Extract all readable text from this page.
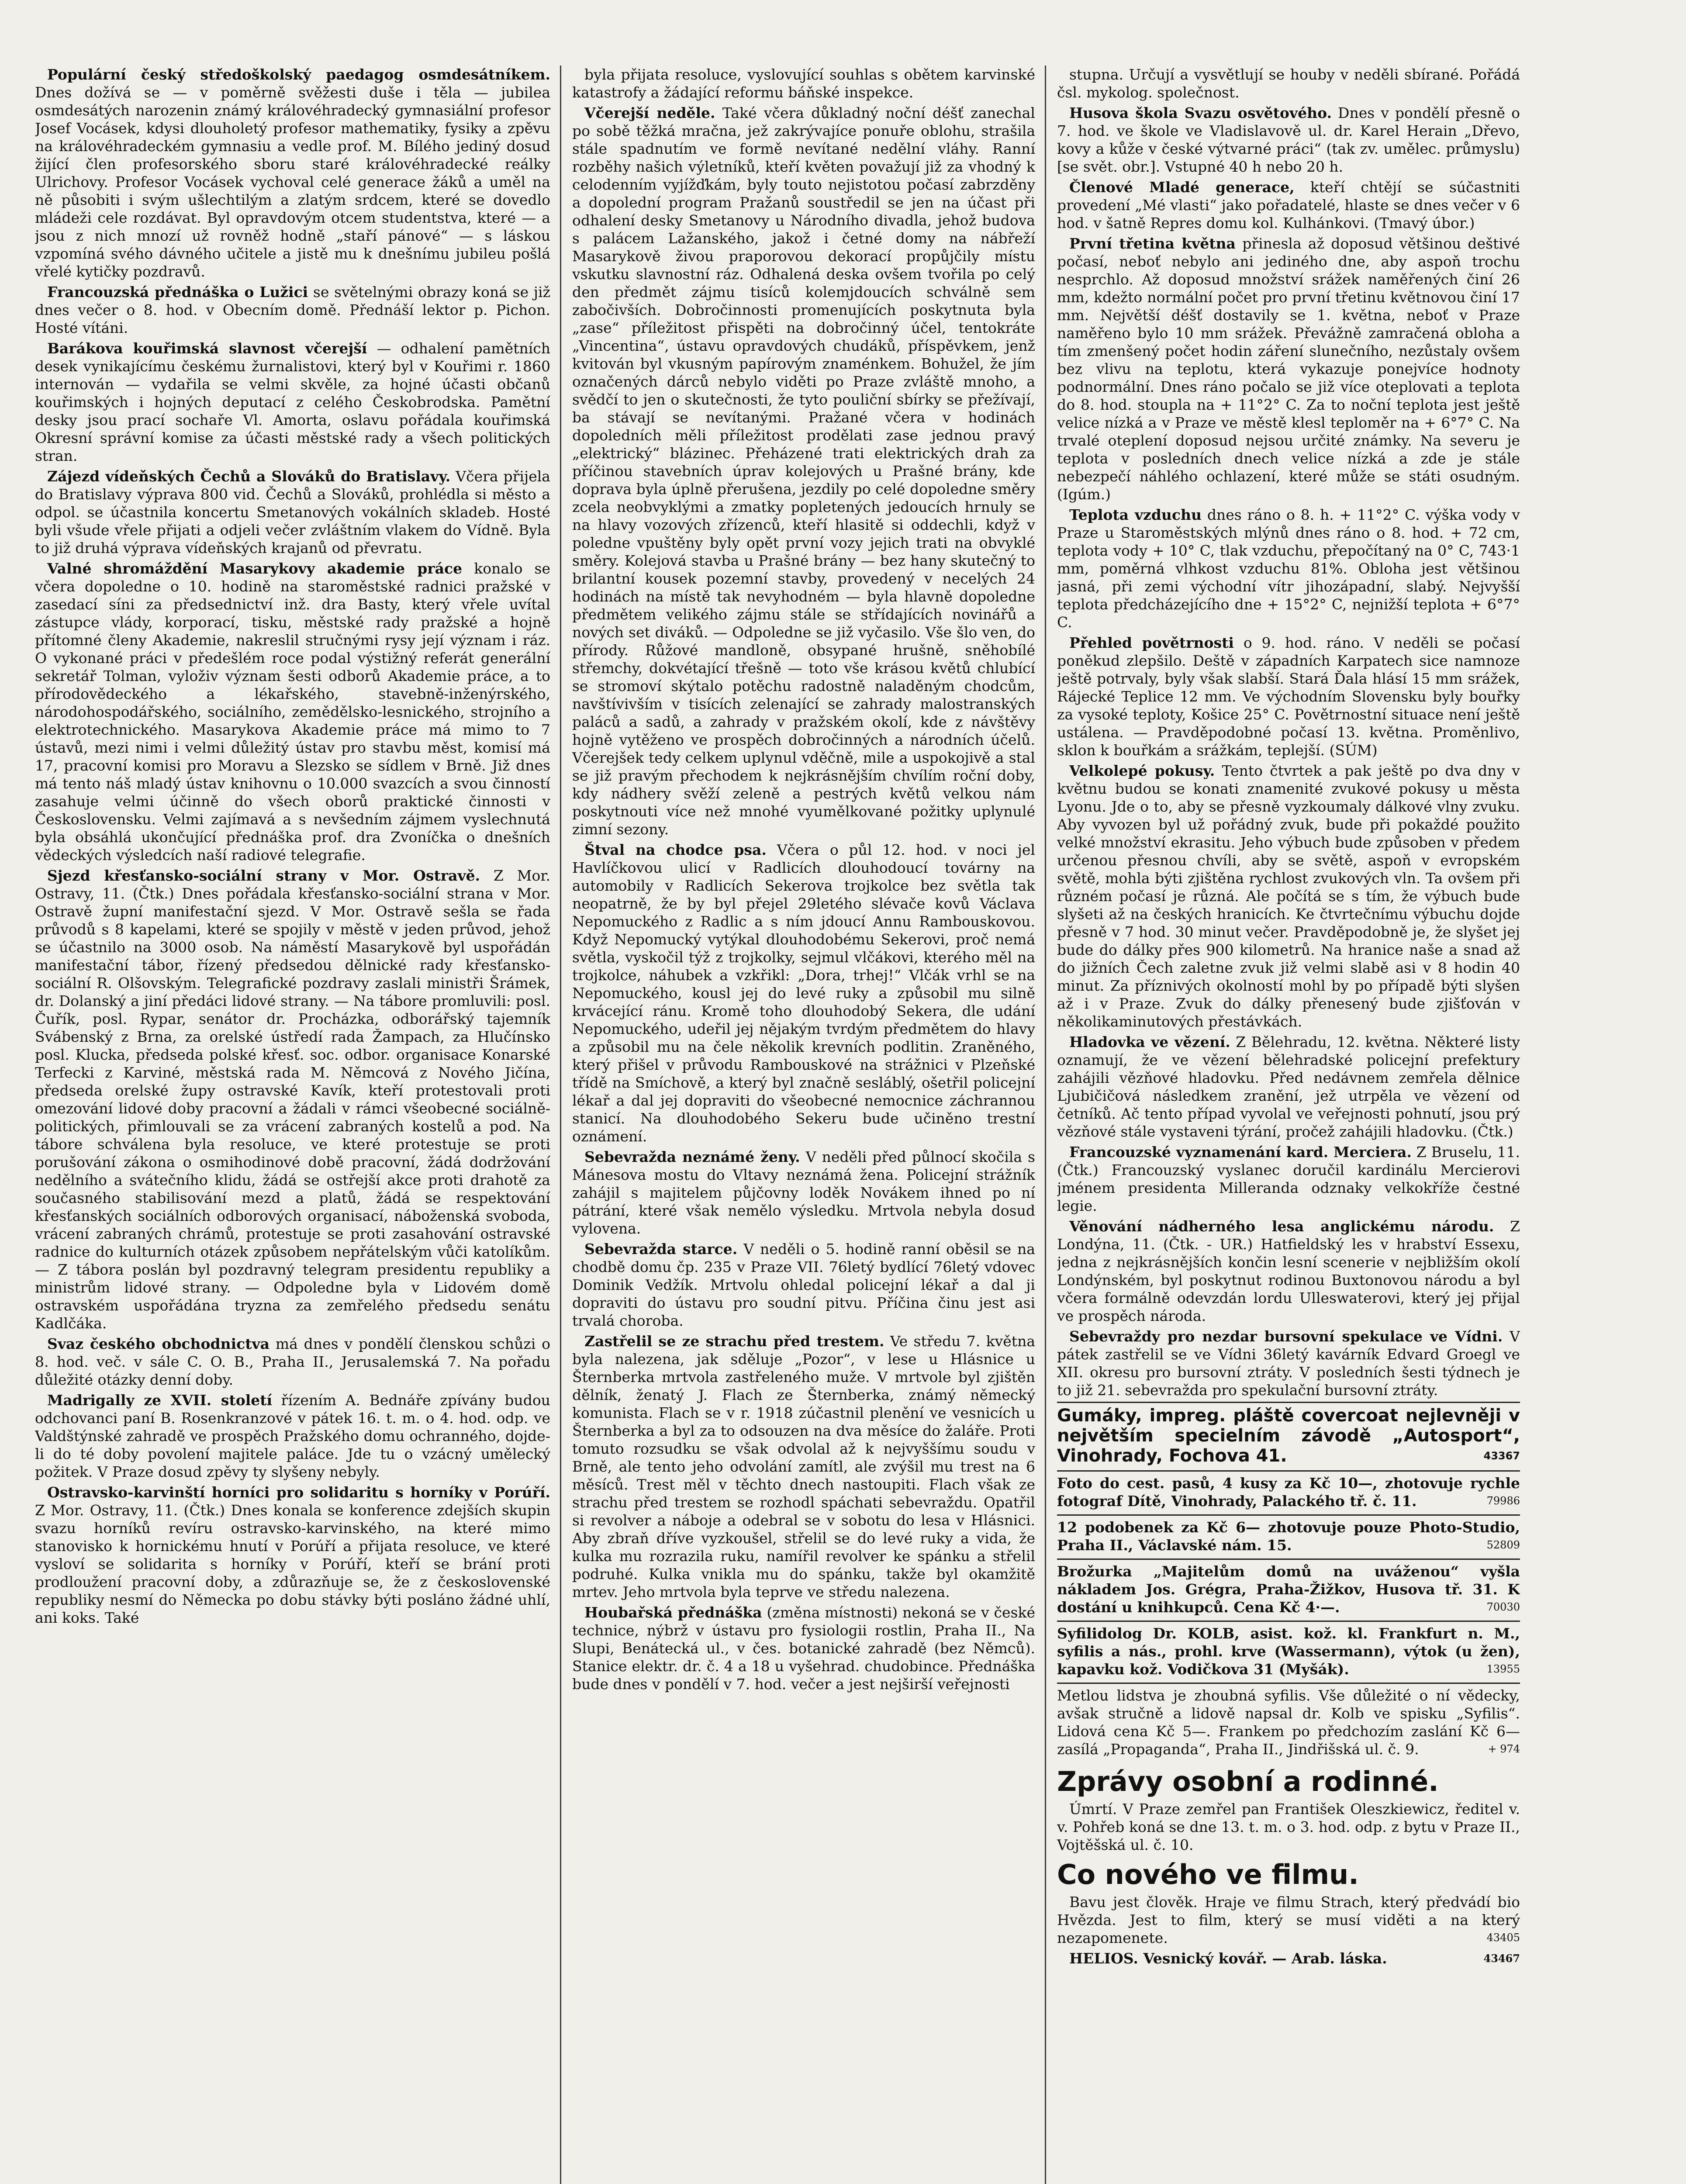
Populární český středoškolský paedagog osmdesátníkem. Dnes dožívá se — v poměrně svěžesti duše i těla — jubilea osmdesátých narozenin známý královéhradecký gymnasiální profesor Josef Vocásek, kdysi dlouholetý profesor mathematiky, fysiky a zpěvu na královéhradeckém gymnasiu a vedle prof. M. Bílého jediný dosud žijící člen profesorského sboru staré královéhradecké reálky Ulrichovy. Profesor Vocásek vychoval celé generace žáků a uměl na ně působiti i svým ušlechtilým a zlatým srdcem, které se dovedlo mládeži cele rozdávat. Byl opravdovým otcem studentstva, které — a jsou z nich mnozí už rovněž hodně „staří pánové“ — s láskou vzpomíná svého dávného učitele a jistě mu k dnešnímu jubileu pošlá vřelé kytičky pozdravů.

Francouzská přednáška o Lužici se světelnými obrazy koná se již dnes večer o 8. hod. v Obecním domě. Přednáší lektor p. Pichon. Hosté vítáni.

Barákova kouřimská slavnost včerejší — odhalení pamětních desek vynikajícímu českému žurnalistovi, který byl v Kouřimi r. 1860 internován — vydařila se velmi skvěle, za hojné účasti občanů kouřimských i hojných deputací z celého Českobrodska. Pamětní desky jsou prací sochaře Vl. Amorta, oslavu pořádala kouřimská Okresní správní komise za účasti městské rady a všech politických stran.

Zájezd vídeňských Čechů a Slováků do Bratislavy. Včera přijela do Bratislavy výprava 800 vid. Čechů a Slováků, prohlédla si město a odpol. se účastnila koncertu Smetanových vokálních skladeb. Hosté byli všude vřele přijati a odjeli večer zvláštním vlakem do Vídně. Byla to již druhá výprava vídeňských krajanů od převratu.

Valné shromáždění Masarykovy akademie práce konalo se včera dopoledne o 10. hodině na staroměstské radnici pražské v zasedací síni za předsednictví inž. dra Basty, který vřele uvítal zástupce vlády, korporací, tisku, městské rady pražské a hojně přítomné členy Akademie, nakreslil stručnými rysy její význam i ráz. O vykonané práci v předešlém roce podal výstižný referát generální sekretář Tolman, vyloživ význam šesti odborů Akademie práce, a to přírodovědeckého a lékařského, stavebně-inženýrského, národohospodářského, sociálního, zemědělsko-lesnického, strojního a elektrotechnického. Masarykova Akademie práce má mimo to 7 ústavů, mezi nimi i velmi důležitý ústav pro stavbu měst, komisí má 17, pracovní komisi pro Moravu a Slezsko se sídlem v Brně. Již dnes má tento náš mladý ústav knihovnu o 10.000 svazcích a svou činností zasahuje velmi účinně do všech oborů praktické činnosti v Československu. Velmi zajímavá a s nevšedním zájmem vyslechnutá byla obsáhlá ukončující přednáška prof. dra Zvoníčka o dnešních vědeckých výsledcích naší radiové telegrafie.

Sjezd křesťansko-sociální strany v Mor. Ostravě. Z Mor. Ostravy, 11. (Čtk.) Dnes pořádala křesťansko-sociální strana v Mor. Ostravě župní manifestační sjezd. V Mor. Ostravě sešla se řada průvodů s 8 kapelami, které se spojily v městě v jeden průvod, jehož se účastnilo na 3000 osob. Na náměstí Masarykově byl uspořádán manifestační tábor, řízený předsedou dělnické rady křesťansko-sociální R. Olšovským. Telegrafické pozdravy zaslali ministři Šrámek, dr. Dolanský a jiní předáci lidové strany. — Na tábore promluvili: posl. Čuřík, posl. Rypar, senátor dr. Procházka, odborářský tajemník Svábenský z Brna, za orelské ústředí rada Žampach, za Hlučínsko posl. Klucka, předseda polské křesť. soc. odbor. organisace Konarské Terfecki z Karviné, městská rada M. Němcová z Nového Jičína, předseda orelské župy ostravské Kavík, kteří protestovali proti omezování lidové doby pracovní a žádali v rámci všeobecné sociálně-politických, přimlouvali se za vrácení zabraných kostelů a pod. Na tábore schválena byla resoluce, ve které protestuje se proti porušování zákona o osmihodinové době pracovní, žádá dodržování nedělního a svátečního klidu, žádá se ostřejší akce proti drahotě za současného stabilisování mezd a platů, žádá se respektování křesťanských sociálních odborových organisací, náboženská svoboda, vrácení zabraných chrámů, protestuje se proti zasahování ostravské radnice do kulturních otázek způsobem nepřátelským vůči katolíkům. — Z tábora poslán byl pozdravný telegram presidentu republiky a ministrům lidové strany. — Odpoledne byla v Lidovém domě ostravském uspořádána tryzna za zemřelého předsedu senátu Kadlčáka.

Svaz českého obchodnictva má dnes v pondělí členskou schůzi o 8. hod. več. v sále C. O. B., Praha II., Jerusalemská 7. Na pořadu důležité otázky denní doby.

Madrigally ze XVII. století řízením A. Bednáře zpívány budou odchovanci paní B. Rosenkranzové v pátek 16. t. m. o 4. hod. odp. ve Valdštýnské zahradě ve prospěch Pražského domu ochranného, dojde-li do té doby povolení majitele paláce. Jde tu o vzácný umělecký požitek. V Praze dosud zpěvy ty slyšeny nebyly.

Ostravsko-karvinští horníci pro solidaritu s horníky v Porúří. Z Mor. Ostravy, 11. (Čtk.) Dnes konala se konference zdejších skupin svazu horníků revíru ostravsko-karvinského, na které mimo stanovisko k hornickému hnutí v Porúří a přijata resoluce, ve které vysloví se solidarita s horníky v Porúří, kteří se brání proti prodloužení pracovní doby, a zdůrazňuje se, že z československé republiky nesmí do Německa po dobu stávky býti posláno žádné uhlí, ani koks. Také

byla přijata resoluce, vyslovující souhlas s obětem karvinské katastrofy a žádající reformu báňské inspekce.

Včerejší neděle. Také včera důkladný noční déšť zanechal po sobě těžká mračna, jež zakrývajíce ponuře oblohu, strašila stále spadnutím ve formě nevítané nedělní vláhy. Ranní rozběhy našich výletníků, kteří květen považují již za vhodný k celodenním vyjížďkám, byly touto nejistotou počasí zabrzděny a dopolední program Pražanů soustředil se jen na účast při odhalení desky Smetanovy u Národního divadla, jehož budova s palácem Lažanského, jakož i četné domy na nábřeží Masarykově živou praporovou dekorací propůjčily místu vskutku slavnostní ráz. Odhalená deska ovšem tvořila po celý den předmět zájmu tisíců kolemjdoucích schválně sem zabočivších. Dobročinnosti promenujících poskytnuta byla „zase“ příležitost přispěti na dobročinný účel, tentokráte „Vincentina“, ústavu opravdových chudáků, příspěvkem, jenž kvitován byl vkusným papírovým znaménkem. Bohužel, že jím označených dárců nebylo viděti po Praze zvláště mnoho, a svědčí to jen o skutečnosti, že tyto pouliční sbírky se přežívají, ba stávají se nevítanými. Pražané včera v hodinách dopoledních měli příležitost prodělati zase jednou pravý „elektrický“ blázinec. Přeházené trati elektrických drah za příčinou stavebních úprav kolejových u Prašné brány, kde doprava byla úplně přerušena, jezdily po celé dopoledne směry zcela neobvyklými a zmatky popletených jedoucích hrnuly se na hlavy vozových zřízenců, kteří hlasitě si oddechli, když v poledne vpuštěny byly opět první vozy jejich trati na obvyklé směry. Kolejová stavba u Prašné brány — bez hany skutečný to brilantní kousek pozemní stavby, provedený v necelých 24 hodinách na místě tak nevyhodném — byla hlavně dopoledne předmětem velikého zájmu stále se střídajících novinářů a nových set diváků. — Odpoledne se již vyčasilo. Vše šlo ven, do přírody. Růžové mandloně, obsypané hrušně, sněhobílé střemchy, dokvétající třešně — toto vše krásou květů chlubící se stromoví skýtalo potěchu radostně naladěným chodcům, navštívivším v tisících zelenající se zahrady malostranských paláců a sadů, a zahrady v pražském okolí, kde z návštěvy hojně vytěženo ve prospěch dobročinných a národních účelů. Včerejšek tedy celkem uplynul vděčně, mile a uspokojivě a stal se již pravým přechodem k nejkrásnějším chvílím roční doby, kdy nádhery svěží zeleně a pestrých květů velkou nám poskytnouti více než mnohé vyumělkované požitky uplynulé zimní sezony.

Štval na chodce psa. Včera o půl 12. hod. v noci jel Havlíčkovou ulicí v Radlicích dlouhodoucí továrny na automobily v Radlicích Sekerova trojkolce bez světla tak neopatrně, že by byl přejel 29letého slévače kovů Václava Nepomuckého z Radlic a s ním jdoucí Annu Rambouskovou. Když Nepomucký vytýkal dlouhodobému Sekerovi, proč nemá světla, vyskočil týž z trojkolky, sejmul vlčákovi, kterého měl na trojkolce, náhubek a vzkřikl: „Dora, trhej!“ Vlčák vrhl se na Nepomuckého, kousl jej do levé ruky a způsobil mu silně krvácející ránu. Kromě toho dlouhodobý Sekera, dle udání Nepomuckého, udeřil jej nějakým tvrdým předmětem do hlavy a způsobil mu na čele několik krevních podlitin. Zraněného, který přišel v průvodu Rambouskové na strážnici v Plzeňské třídě na Smíchově, a který byl značně sesláblý, ošetřil policejní lékař a dal jej dopraviti do všeobecné nemocnice záchrannou stanicí. Na dlouhodobého Sekeru bude učiněno trestní oznámení.

Sebevražda neznámé ženy. V neděli před půlnocí skočila s Mánesova mostu do Vltavy neznámá žena. Policejní strážník zahájil s majitelem půjčovny loděk Novákem ihned po ní pátrání, které však nemělo výsledku. Mrtvola nebyla dosud vylovena.

Sebevražda starce. V neděli o 5. hodině ranní oběsil se na chodbě domu čp. 235 v Praze VII. 76letý bydlící 76letý vdovec Dominik Vedžík. Mrtvolu ohledal policejní lékař a dal ji dopraviti do ústavu pro soudní pitvu. Příčina činu jest asi trvalá choroba.

Zastřelil se ze strachu před trestem. Ve středu 7. května byla nalezena, jak sděluje „Pozor“, v lese u Hlásnice u Šternberka mrtvola zastřeleného muže. V mrtvole byl zjištěn dělník, ženatý J. Flach ze Šternberka, známý německý komunista. Flach se v r. 1918 zúčastnil plenění ve vesnicích u Šternberka a byl za to odsouzen na dva měsíce do žaláře. Proti tomuto rozsudku se však odvolal až k nejvyššímu soudu v Brně, ale tento jeho odvolání zamítl, ale zvýšil mu trest na 6 měsíců. Trest měl v těchto dnech nastoupiti. Flach však ze strachu před trestem se rozhodl spáchati sebevraždu. Opatřil si revolver a náboje a odebral se v sobotu do lesa v Hlásnici. Aby zbraň dříve vyzkoušel, střelil se do levé ruky a vida, že kulka mu rozrazila ruku, namířil revolver ke spánku a střelil podruhé. Kulka vnikla mu do spánku, takže byl okamžitě mrtev. Jeho mrtvola byla teprve ve středu nalezena.

Houbařská přednáška (změna místnosti) nekoná se v české technice, nýbrž v ústavu pro fysiologii rostlin, Praha II., Na Slupi, Benátecká ul., v čes. botanické zahradě (bez Němců). Stanice elektr. dr. č. 4 a 18 u vyšehrad. chudobince. Přednáška bude dnes v pondělí v 7. hod. večer a jest nejširší veřejnosti

stupna. Určují a vysvětlují se houby v neděli sbírané. Pořádá čsl. mykolog. společnost.

Husova škola Svazu osvětového. Dnes v pondělí přesně o 7. hod. ve škole ve Vladislavově ul. dr. Karel Herain „Dřevo, kovy a kůže v české výtvarné práci“ (tak zv. umělec. průmyslu) [se svět. obr.]. Vstupné 40 h nebo 20 h.

Členové Mladé generace, kteří chtějí se súčastniti provedení „Mé vlasti“ jako pořadatelé, hlaste se dnes večer v 6 hod. v šatně Repres domu kol. Kulhánkovi. (Tmavý úbor.)

První třetina května přinesla až doposud většinou deštivé počasí, neboť nebylo ani jediného dne, aby aspoň trochu nesprchlo. Až doposud množství srážek naměřených činí 26 mm, kdežto normální počet pro první třetinu květnovou činí 17 mm. Největší déšť dostavily se 1. května, neboť v Praze naměřeno bylo 10 mm srážek. Převážně zamračená obloha a tím zmenšený počet hodin záření slunečního, nezůstaly ovšem bez vlivu na teplotu, která vykazuje ponejvíce hodnoty podnormální. Dnes ráno počalo se již více oteplovati a teplota do 8. hod. stoupla na + 11°2° C. Za to noční teplota jest ještě velice nízká a v Praze ve městě klesl teploměr na + 6°7° C. Na trvalé oteplení doposud nejsou určité známky. Na severu je teplota v posledních dnech velice nízká a zde je stále nebezpečí náhlého ochlazení, které může se státi osudným. (Igúm.)

Teplota vzduchu dnes ráno o 8. h. + 11°2° C. výška vody v Praze u Staroměstských mlýnů dnes ráno o 8. hod. + 72 cm, teplota vody + 10° C, tlak vzduchu, přepočítaný na 0° C, 743·1 mm, poměrná vlhkost vzduchu 81%. Obloha jest většinou jasná, při zemi východní vítr jihozápadní, slabý. Nejvyšší teplota předcházejícího dne + 15°2° C, nejnižší teplota + 6°7° C.

Přehled povětrnosti o 9. hod. ráno. V neděli se počasí poněkud zlepšilo. Deště v západních Karpatech sice namnoze ještě potrvaly, byly však slabší. Stará Ďala hlásí 15 mm srážek, Rájecké Teplice 12 mm. Ve východním Slovensku byly bouřky za vysoké teploty, Košice 25° C. Povětrnostní situace není ještě ustálena. — Pravděpodobné počasí 13. května. Proměnlivo, sklon k bouřkám a srážkám, teplejší. (SÚM)

Velkolepé pokusy. Tento čtvrtek a pak ještě po dva dny v květnu budou se konati znamenité zvukové pokusy u města Lyonu. Jde o to, aby se přesně vyzkoumaly dálkové vlny zvuku. Aby vyvozen byl už pořádný zvuk, bude při pokaždé použito velké množství ekrasitu. Jeho výbuch bude způsoben v předem určenou přesnou chvíli, aby se světě, aspoň v evropském světě, mohla býti zjištěna rychlost zvukových vln. Ta ovšem při různém počasí je různá. Ale počítá se s tím, že výbuch bude slyšeti až na českých hranicích. Ke čtvrtečnímu výbuchu dojde přesně v 7 hod. 30 minut večer. Pravděpodobně je, že slyšet jej bude do dálky přes 900 kilometrů. Na hranice naše a snad až do jižních Čech zaletne zvuk již velmi slabě asi v 8 hodin 40 minut. Za příznivých okolností mohl by po případě býti slyšen až i v Praze. Zvuk do dálky přenesený bude zjišťován v několikaminutových přestávkách.

Hladovka ve vězení. Z Bělehradu, 12. května. Některé listy oznamují, že ve vězení bělehradské policejní prefektury zahájili vězňové hladovku. Před nedávnem zemřela dělnice Ljubičičová následkem zranění, jež utrpěla ve vězení od četníků. Ač tento případ vyvolal ve veřejnosti pohnutí, jsou prý vězňové stále vystaveni týrání, pročež zahájili hladovku. (Čtk.)

Francouzské vyznamenání kard. Merciera. Z Bruselu, 11. (Čtk.) Francouzský vyslanec doručil kardinálu Mercierovi jménem presidenta Millerandа odznaky velkokříže čestné legie.

Věnování nádherného lesa anglickému národu. Z Londýna, 11. (Čtk. - UR.) Hatfieldský les v hrabství Essexu, jedna z nejkrásnějších končin lesní scenerie v nejbližším okolí Londýnském, byl poskytnut rodinou Buxtonovou národu a byl včera formálně odevzdán lordu Ulleswaterovi, který jej přijal ve prospěch národa.

Sebevraždy pro nezdar bursovní spekulace ve Vídni. V pátek zastřelil se ve Vídni 36letý kavárník Edvard Groegl ve XII. okresu pro bursovní ztráty. V posledních šesti týdnech je to již 21. sebevražda pro spekulační bursovní ztráty.

Gumáky, impreg. pláště covercoat nejlevněji v největším specielním závodě „Autosport“, Vinohrady, Fochova 41.	43367

Foto do cest. pasů, 4 kusy za Kč 10—, zhotovuje rychle fotograf Dítě, Vinohrady, Palackého tř. č. 11.	79986

12 podobenek za Kč 6— zhotovuje pouze Photo-Studio, Praha II., Václavské nám. 15.	52809

Brožurka „Majitelům domů na uváženou“ vyšla nákladem Jos. Grégra, Praha-Žižkov, Husova tř. 31. K dostání u knihkupců. Cena Kč 4·—.	70030

Syfilidolog Dr. KOLB, asist. kož. kl. Frankfurt n. M., syfilis a nás., prohl. krve (Wassermann), výtok (u žen), kapavku kož. Vodičkova 31 (Myšák).	13955

Metlou lidstva je zhoubná syfilis. Vše důležité o ní vědecky, avšak stručně a lidově napsal dr. Kolb ve spisku „Syfilis“. Lidová cena Kč 5—. Frankem po předchozím zaslání Kč 6— zasílá „Propaganda“, Praha II., Jindřišská ul. č. 9.	+ 974

Zprávy osobní a rodinné.

Úmrtí. V Praze zemřel pan František Oleszkiewicz, ředitel v. v. Pohřeb koná se dne 13. t. m. o 3. hod. odp. z bytu v Praze II., Vojtěšská ul. č. 10.

Co nového ve filmu.

Bavu jest člověk. Hraje ve filmu Strach, který předvádí bio Hvězda. Jest to film, který se musí viděti a na který nezapomenete.	43405

HELIOS. Vesnický kovář. — Arab. láska.	43467
